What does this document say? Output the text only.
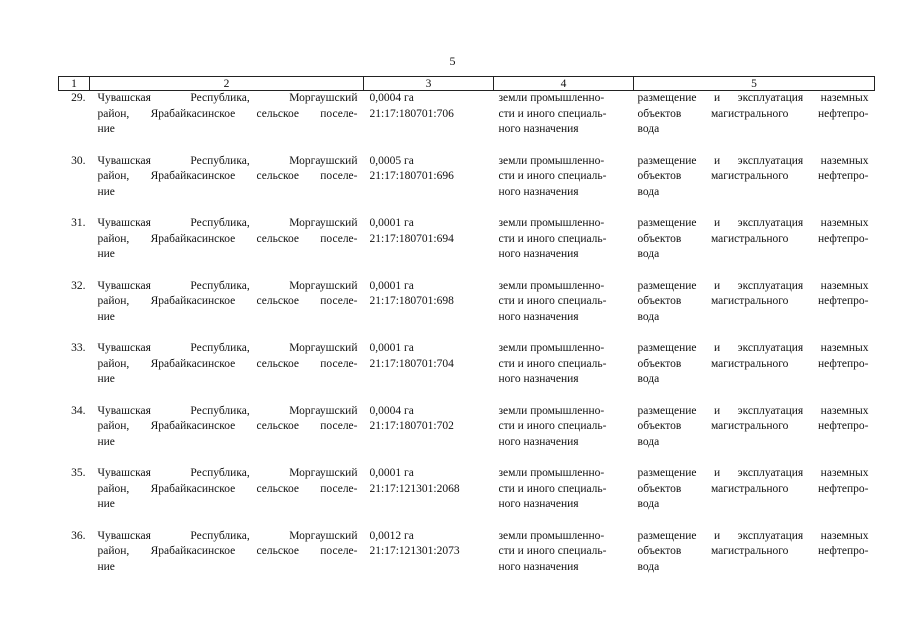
5
1	2	3	4	5
29.	Чувашская Республика, Моргаушский
район, Ярабайкасинское сельское поселе-
ние	0,0004 га
21:17:180701:706	земли промышленно-
сти и иного специаль-
ного назначения	размещение и эксплуатация наземных
объектов магистрального нефтепро-
вода

30.	Чувашская Республика, Моргаушский
район, Ярабайкасинское сельское поселе-
ние	0,0005 га
21:17:180701:696	земли промышленно-
сти и иного специаль-
ного назначения	размещение и эксплуатация наземных
объектов магистрального нефтепро-
вода

31.	Чувашская Республика, Моргаушский
район, Ярабайкасинское сельское поселе-
ние	0,0001 га
21:17:180701:694	земли промышленно-
сти и иного специаль-
ного назначения	размещение и эксплуатация наземных
объектов магистрального нефтепро-
вода

32.	Чувашская Республика, Моргаушский
район, Ярабайкасинское сельское поселе-
ние	0,0001 га
21:17:180701:698	земли промышленно-
сти и иного специаль-
ного назначения	размещение и эксплуатация наземных
объектов магистрального нефтепро-
вода

33.	Чувашская Республика, Моргаушский
район, Ярабайкасинское сельское поселе-
ние	0,0001 га
21:17:180701:704	земли промышленно-
сти и иного специаль-
ного назначения	размещение и эксплуатация наземных
объектов магистрального нефтепро-
вода

34.	Чувашская Республика, Моргаушский
район, Ярабайкасинское сельское поселе-
ние	0,0004 га
21:17:180701:702	земли промышленно-
сти и иного специаль-
ного назначения	размещение и эксплуатация наземных
объектов магистрального нефтепро-
вода

35.	Чувашская Республика, Моргаушский
район, Ярабайкасинское сельское поселе-
ние	0,0001 га
21:17:121301:2068	земли промышленно-
сти и иного специаль-
ного назначения	размещение и эксплуатация наземных
объектов магистрального нефтепро-
вода

36.	Чувашская Республика, Моргаушский
район, Ярабайкасинское сельское поселе-
ние	0,0012 га
21:17:121301:2073	земли промышленно-
сти и иного специаль-
ного назначения	размещение и эксплуатация наземных
объектов магистрального нефтепро-
вода
